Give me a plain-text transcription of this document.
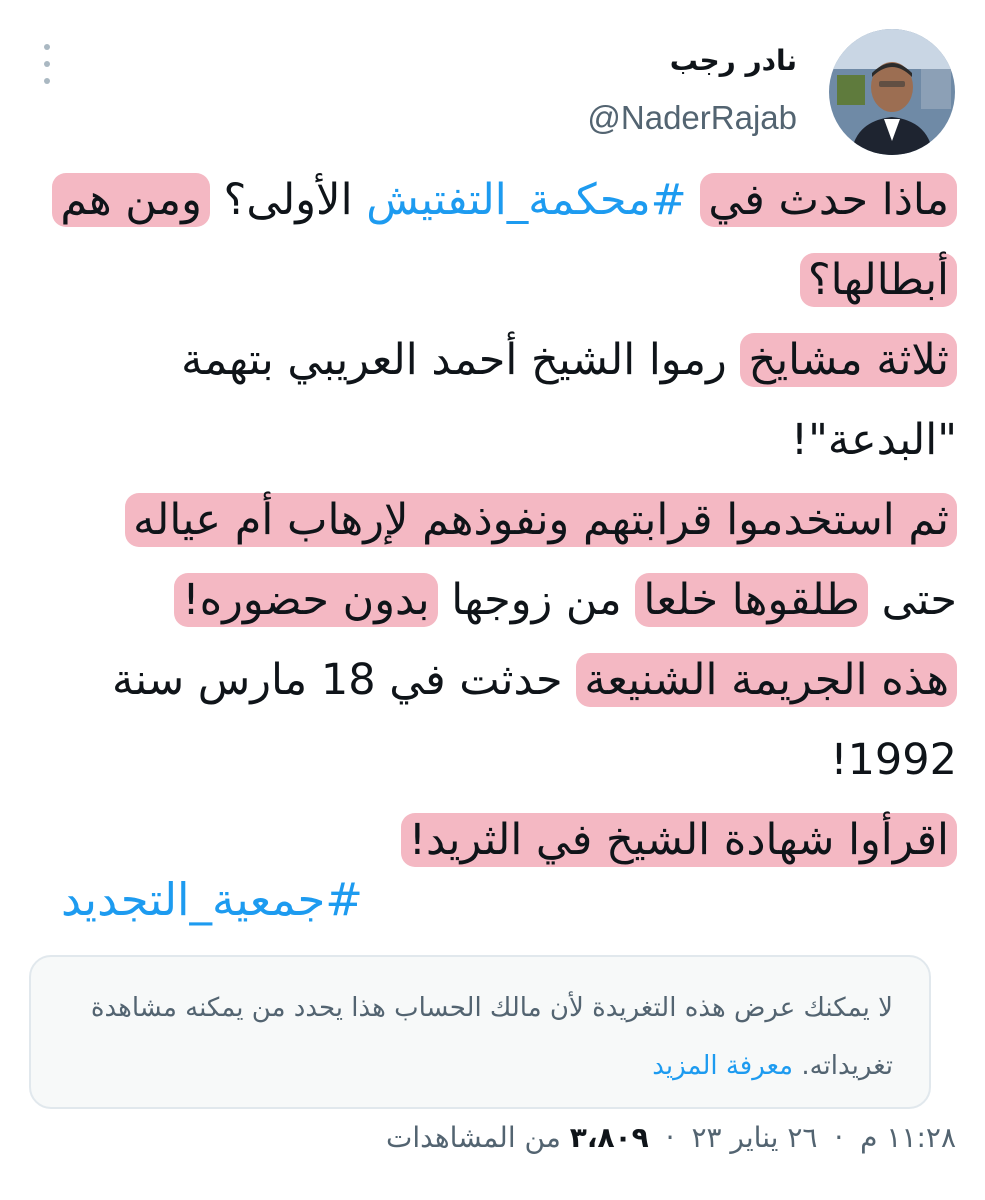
نادر رجب
@NaderRajab

ماذا حدث في #محكمة_التفتيش الأولى؟ ومن هم أبطالها؟

ثلاثة مشايخ رموا الشيخ أحمد العريبي بتهمة "البدعة"!

ثم استخدموا قرابتهم ونفوذهم لإرهاب أم عياله

حتى طلقوها خلعا من زوجها بدون حضوره!

هذه الجريمة الشنيعة حدثت في 18 مارس سنة 1992!

اقرأوا شهادة الشيخ في الثريد!

#جمعية_التجديد
لا يمكنك عرض هذه التغريدة لأن مالك الحساب هذا يحدد من يمكنه مشاهدة تغريداته. معرفة المزيد
١١:٢٨ م · ٢٦ يناير ٢٣ · ٣،٨٠٩ من المشاهدات
